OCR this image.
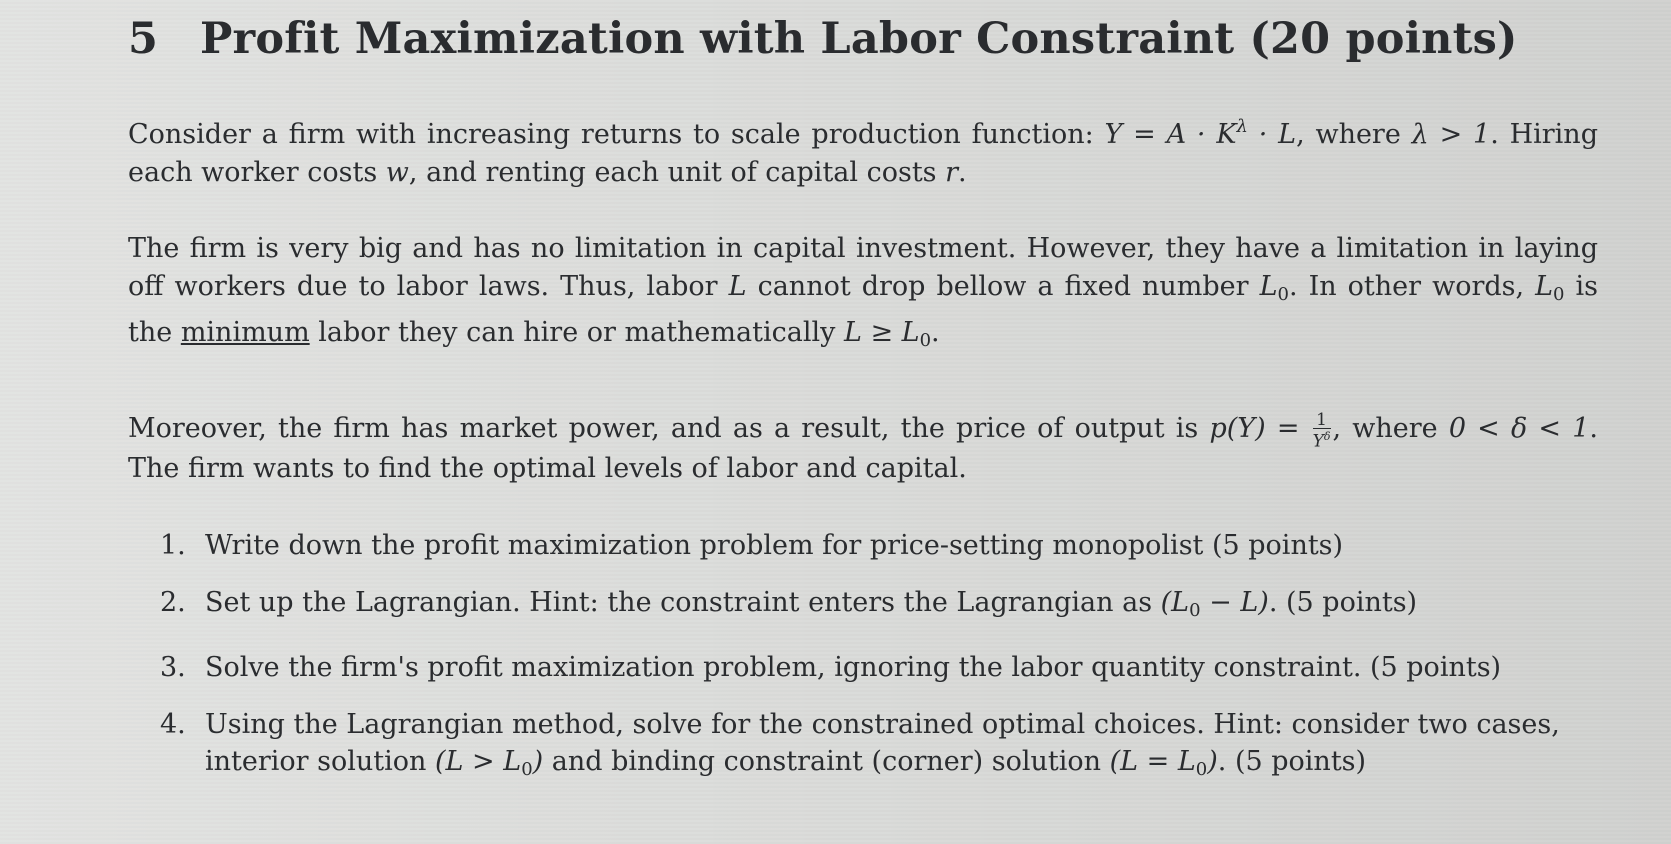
5 Profit Maximization with Labor Constraint (20 points)
Consider a firm with increasing returns to scale production function: $Y = A \cdot K^\lambda \cdot L$, where λ > 1. Hiring each worker costs w, and renting each unit of capital costs r.
The firm is very big and has no limitation in capital investment. However, they have a limitation in laying off workers due to labor laws. Thus, labor L cannot drop bellow a fixed number $L_0$. In other words, $L_0$ is the minimum labor they can hire or mathematically $L \ge L_0$.
Moreover, the firm has market power, and as a result, the price of output is $p(Y) = \frac{1}{Y^\delta}$ , where 0 < δ < 1. The firm wants to find the optimal levels of labor and capital.
1. Write down the profit maximization problem for price-setting monopolist (5 points)
2. Set up the Lagrangian. Hint: the constraint enters the Lagrangian as $(L_0 - L)$. (5 points)
3. Solve the firm's profit maximization problem, ignoring the labor quantity constraint. (5 points)
4. Using the Lagrangian method, solve for the constrained optimal choices. Hint: consider two cases, interior solution $(L > L_0)$ and binding constraint (corner) solution $(L = L_0)$. (5 points)
